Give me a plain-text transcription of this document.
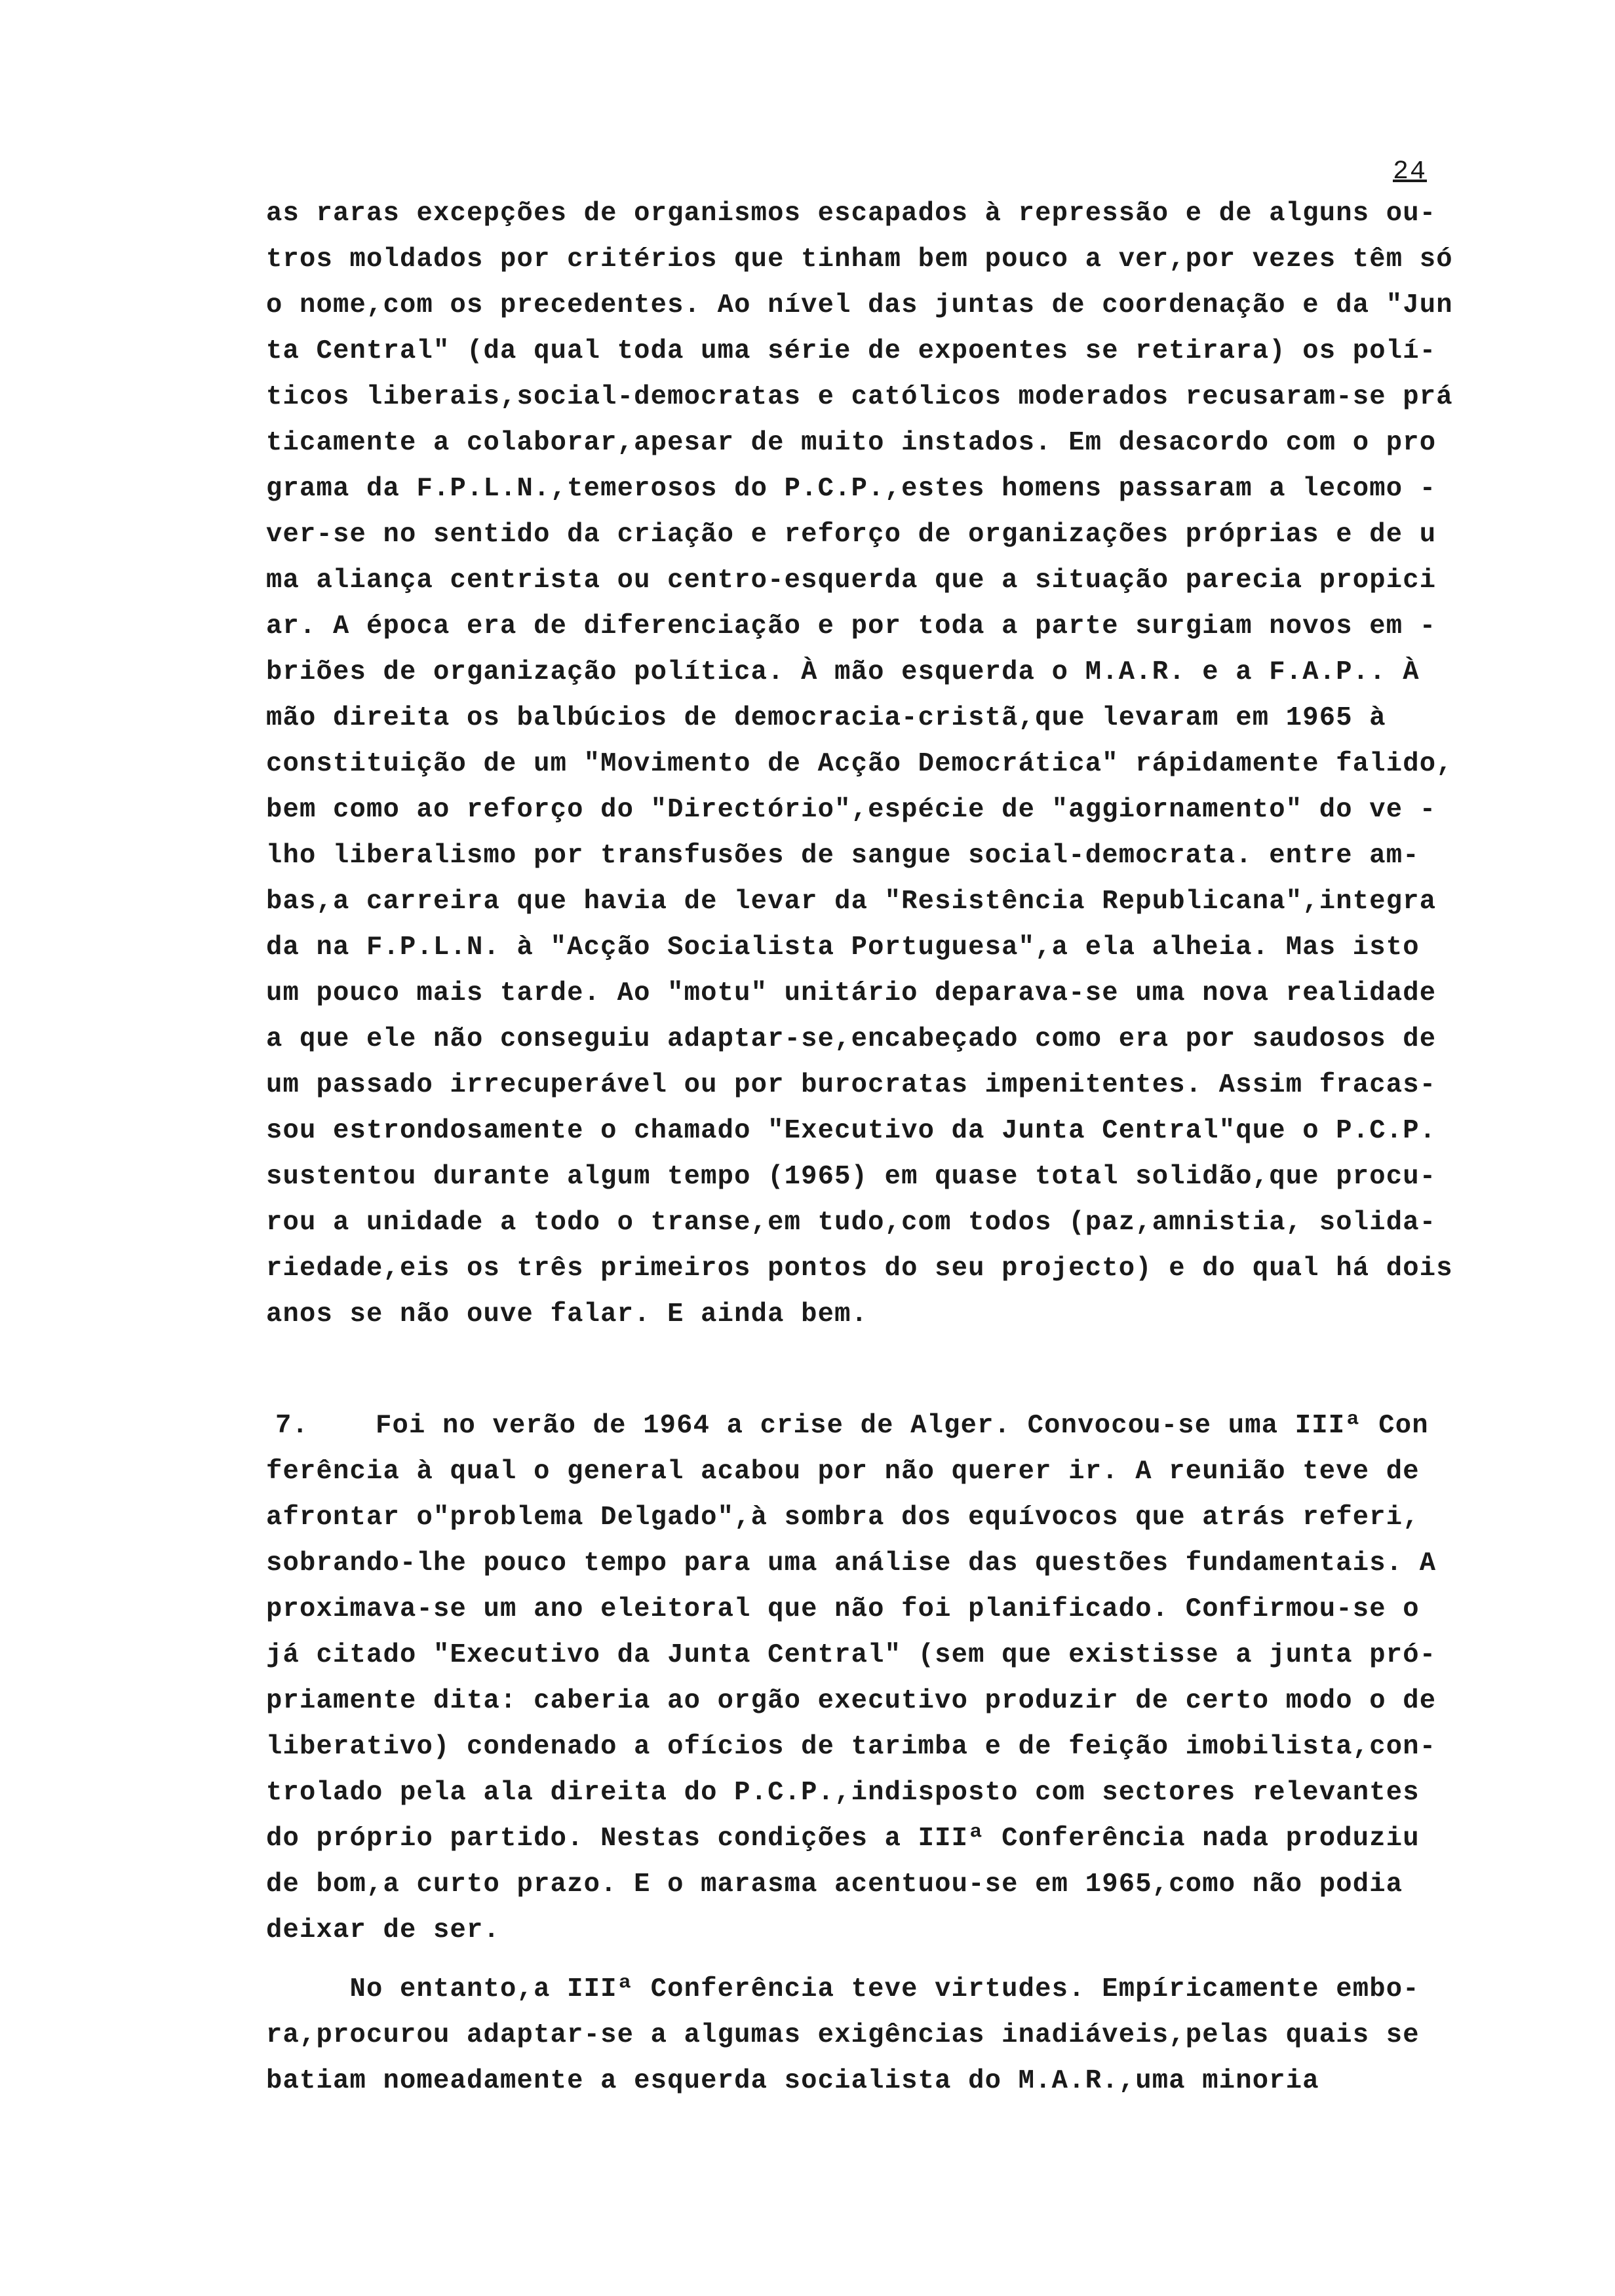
24
as raras excepções de organismos escapados à repressão e de alguns ou-
tros moldados por critérios que tinham bem pouco a ver,por vezes têm só
o nome,com os precedentes. Ao nível das juntas de coordenação e da "Jun
ta Central" (da qual toda uma série de expoentes se retirara) os polí-
ticos liberais,social-democratas e católicos moderados recusaram-se prá
ticamente a colaborar,apesar de muito instados. Em desacordo com o pro
grama da F.P.L.N.,temerosos do P.C.P.,estes homens passaram a lecomo -
ver-se no sentido da criação e reforço de organizações próprias e de u
ma aliança centrista ou centro-esquerda que a situação parecia propici
ar. A época era de diferenciação e por toda a parte surgiam novos em -
briões de organização política. À mão esquerda o M.A.R. e a F.A.P.. À
mão direita os balbúcios de democracia-cristã,que levaram em 1965 à
constituição de um "Movimento de Acção Democrática" rápidamente falido,
bem como ao reforço do "Directório",espécie de "aggiornamento" do ve -
lho liberalismo por transfusões de sangue social-democrata. entre am-
bas,a carreira que havia de levar da "Resistência Republicana",integra
da na F.P.L.N. à "Acção Socialista Portuguesa",a ela alheia. Mas isto
um pouco mais tarde. Ao "motu" unitário deparava-se uma nova realidade
a que ele não conseguiu adaptar-se,encabeçado como era por saudosos de
um passado irrecuperável ou por burocratas impenitentes. Assim fracas-
sou estrondosamente o chamado "Executivo da Junta Central"que o P.C.P.
sustentou durante algum tempo (1965) em quase total solidão,que procu-
rou a unidade a todo o transe,em tudo,com todos (paz,amnistia, solida-
riedade,eis os três primeiros pontos do seu projecto) e do qual há dois
anos se não ouve falar. E ainda bem.
7.    Foi no verão de 1964 a crise de Alger. Convocou-se uma IIIª Con
ferência à qual o general acabou por não querer ir. A reunião teve de
afrontar o"problema Delgado",à sombra dos equívocos que atrás referi,
sobrando-lhe pouco tempo para uma análise das questões fundamentais. A
proximava-se um ano eleitoral que não foi planificado. Confirmou-se o
já citado "Executivo da Junta Central" (sem que existisse a junta pró-
priamente dita: caberia ao orgão executivo produzir de certo modo o de
liberativo) condenado a ofícios de tarimba e de feição imobilista,con-
trolado pela ala direita do P.C.P.,indisposto com sectores relevantes
do próprio partido. Nestas condições a IIIª Conferência nada produziu
de bom,a curto prazo. E o marasma acentuou-se em 1965,como não podia
deixar de ser.
No entanto,a IIIª Conferência teve virtudes. Empíricamente embo-
ra,procurou adaptar-se a algumas exigências inadiáveis,pelas quais se
batiam nomeadamente a esquerda socialista do M.A.R.,uma minoria
